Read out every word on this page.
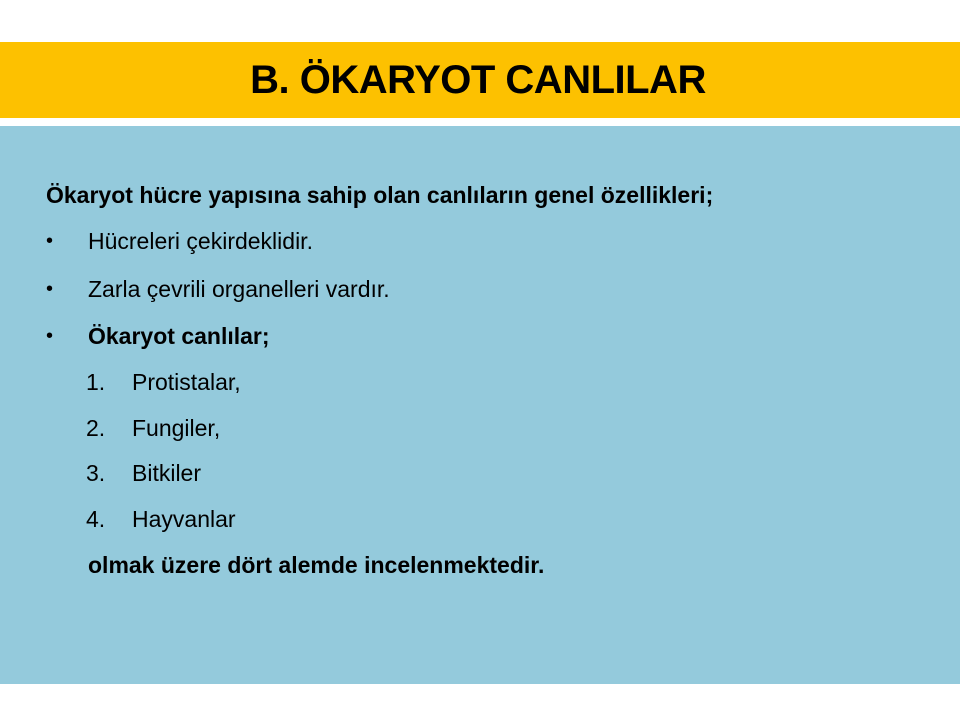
B. ÖKARYOT CANLILAR
Ökaryot hücre yapısına sahip olan canlıların genel özellikleri;
• Hücreleri çekirdeklidir.
• Zarla çevrili organelleri vardır.
• Ökaryot canlılar;
1. Protistalar,
2. Fungiler,
3. Bitkiler
4. Hayvanlar
olmak üzere dört alemde incelenmektedir.
